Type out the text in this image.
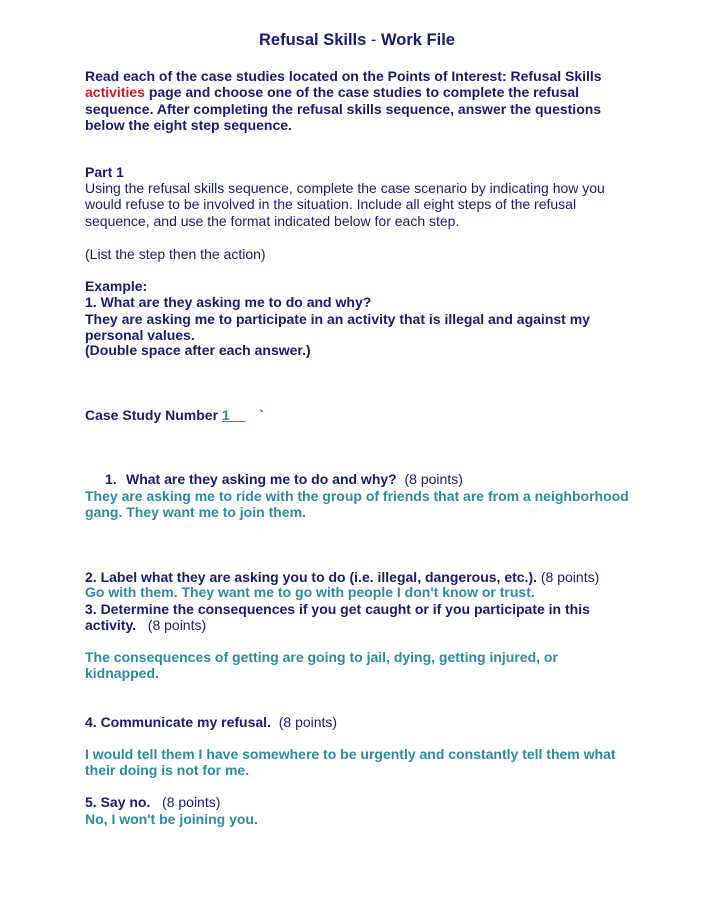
Refusal Skills - Work File
Read each of the case studies located on the Points of Interest: Refusal Skills activities page and choose one of the case studies to complete the refusal sequence. After completing the refusal skills sequence, answer the questions below the eight step sequence.
Part 1
Using the refusal skills sequence, complete the case scenario by indicating how you would refuse to be involved in the situation. Include all eight steps of the refusal sequence, and use the format indicated below for each step.
(List the step then the action)
Example:
1. What are they asking me to do and why?
They are asking me to participate in an activity that is illegal and against my personal values.
(Double space after each answer.)
Case Study Number 1__ `
1. What are they asking me to do and why? (8 points)
They are asking me to ride with the group of friends that are from a neighborhood gang. They want me to join them.
2. Label what they are asking you to do (i.e. illegal, dangerous, etc.). (8 points)
Go with them. They want me to go with people I don't know or trust.
3. Determine the consequences if you get caught or if you participate in this activity. (8 points)
The consequences of getting are going to jail, dying, getting injured, or kidnapped.
4. Communicate my refusal. (8 points)
I would tell them I have somewhere to be urgently and constantly tell them what their doing is not for me.
5. Say no. (8 points)
No, I won't be joining you.
